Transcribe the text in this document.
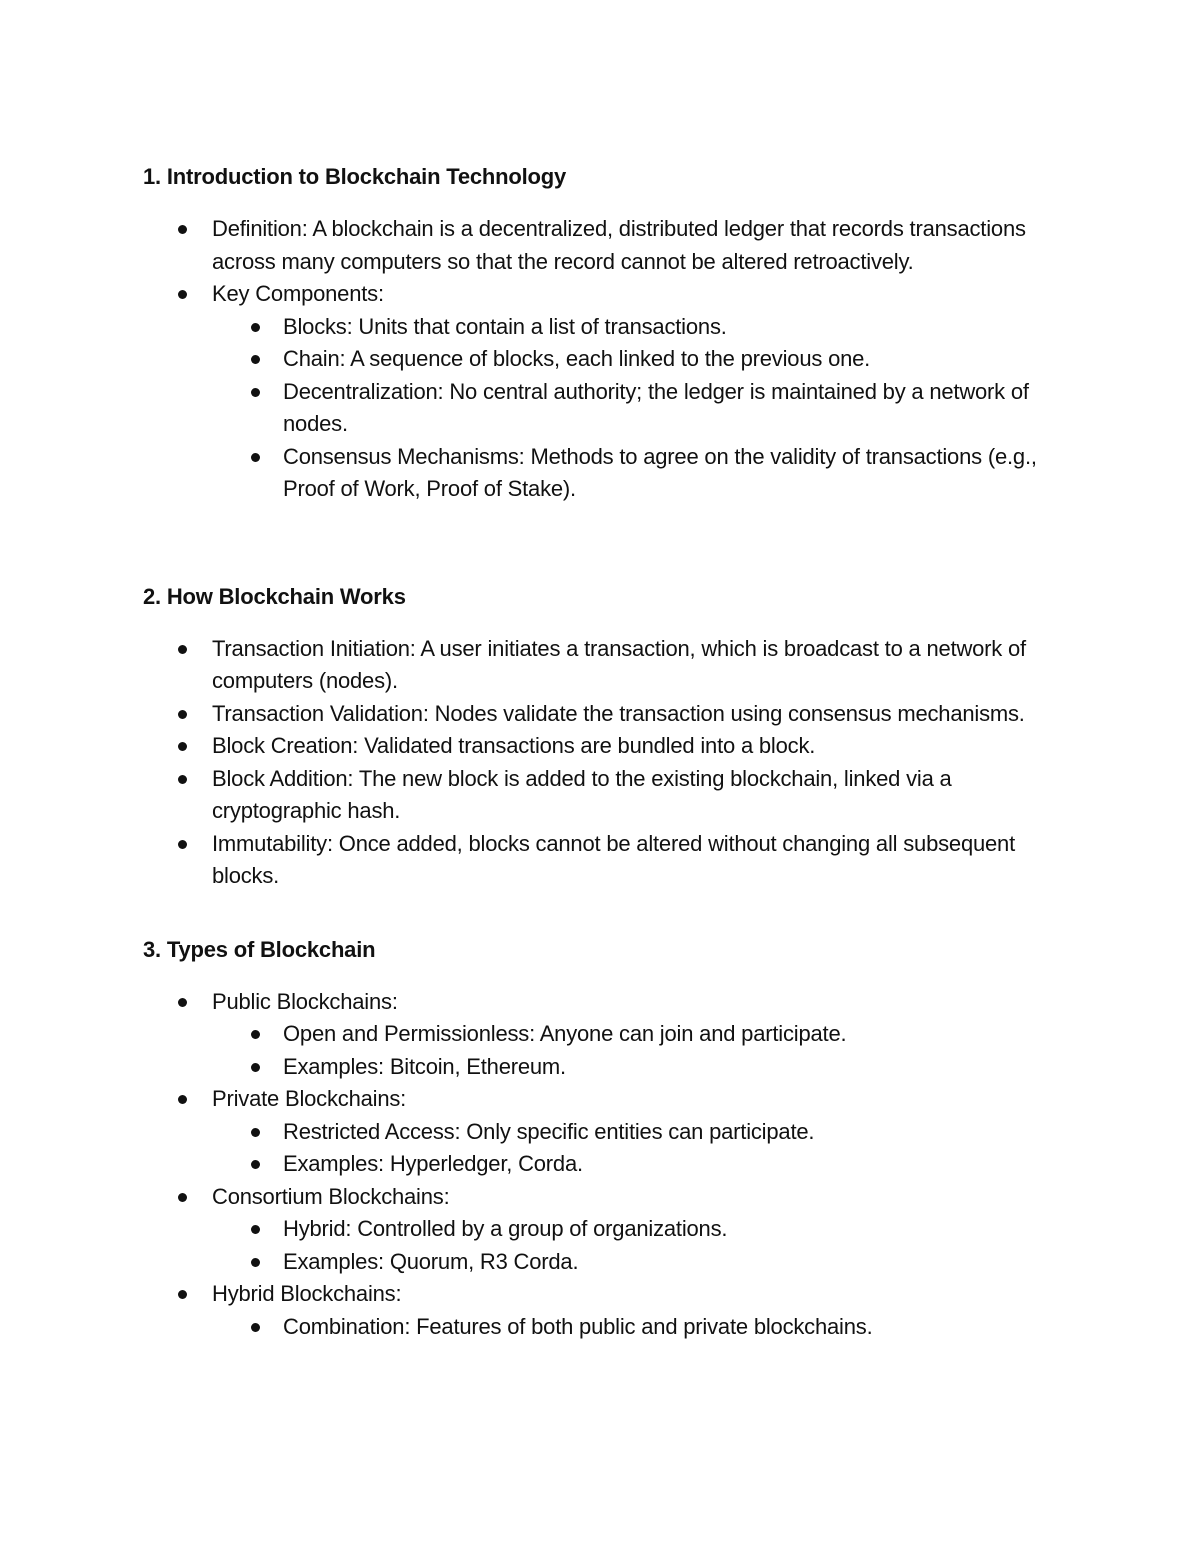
1. Introduction to Blockchain Technology
Definition: A blockchain is a decentralized, distributed ledger that records transactions across many computers so that the record cannot be altered retroactively.
Key Components:
Blocks: Units that contain a list of transactions.
Chain: A sequence of blocks, each linked to the previous one.
Decentralization: No central authority; the ledger is maintained by a network of nodes.
Consensus Mechanisms: Methods to agree on the validity of transactions (e.g., Proof of Work, Proof of Stake).
2. How Blockchain Works
Transaction Initiation: A user initiates a transaction, which is broadcast to a network of computers (nodes).
Transaction Validation: Nodes validate the transaction using consensus mechanisms.
Block Creation: Validated transactions are bundled into a block.
Block Addition: The new block is added to the existing blockchain, linked via a cryptographic hash.
Immutability: Once added, blocks cannot be altered without changing all subsequent blocks.
3. Types of Blockchain
Public Blockchains:
Open and Permissionless: Anyone can join and participate.
Examples: Bitcoin, Ethereum.
Private Blockchains:
Restricted Access: Only specific entities can participate.
Examples: Hyperledger, Corda.
Consortium Blockchains:
Hybrid: Controlled by a group of organizations.
Examples: Quorum, R3 Corda.
Hybrid Blockchains:
Combination: Features of both public and private blockchains.
